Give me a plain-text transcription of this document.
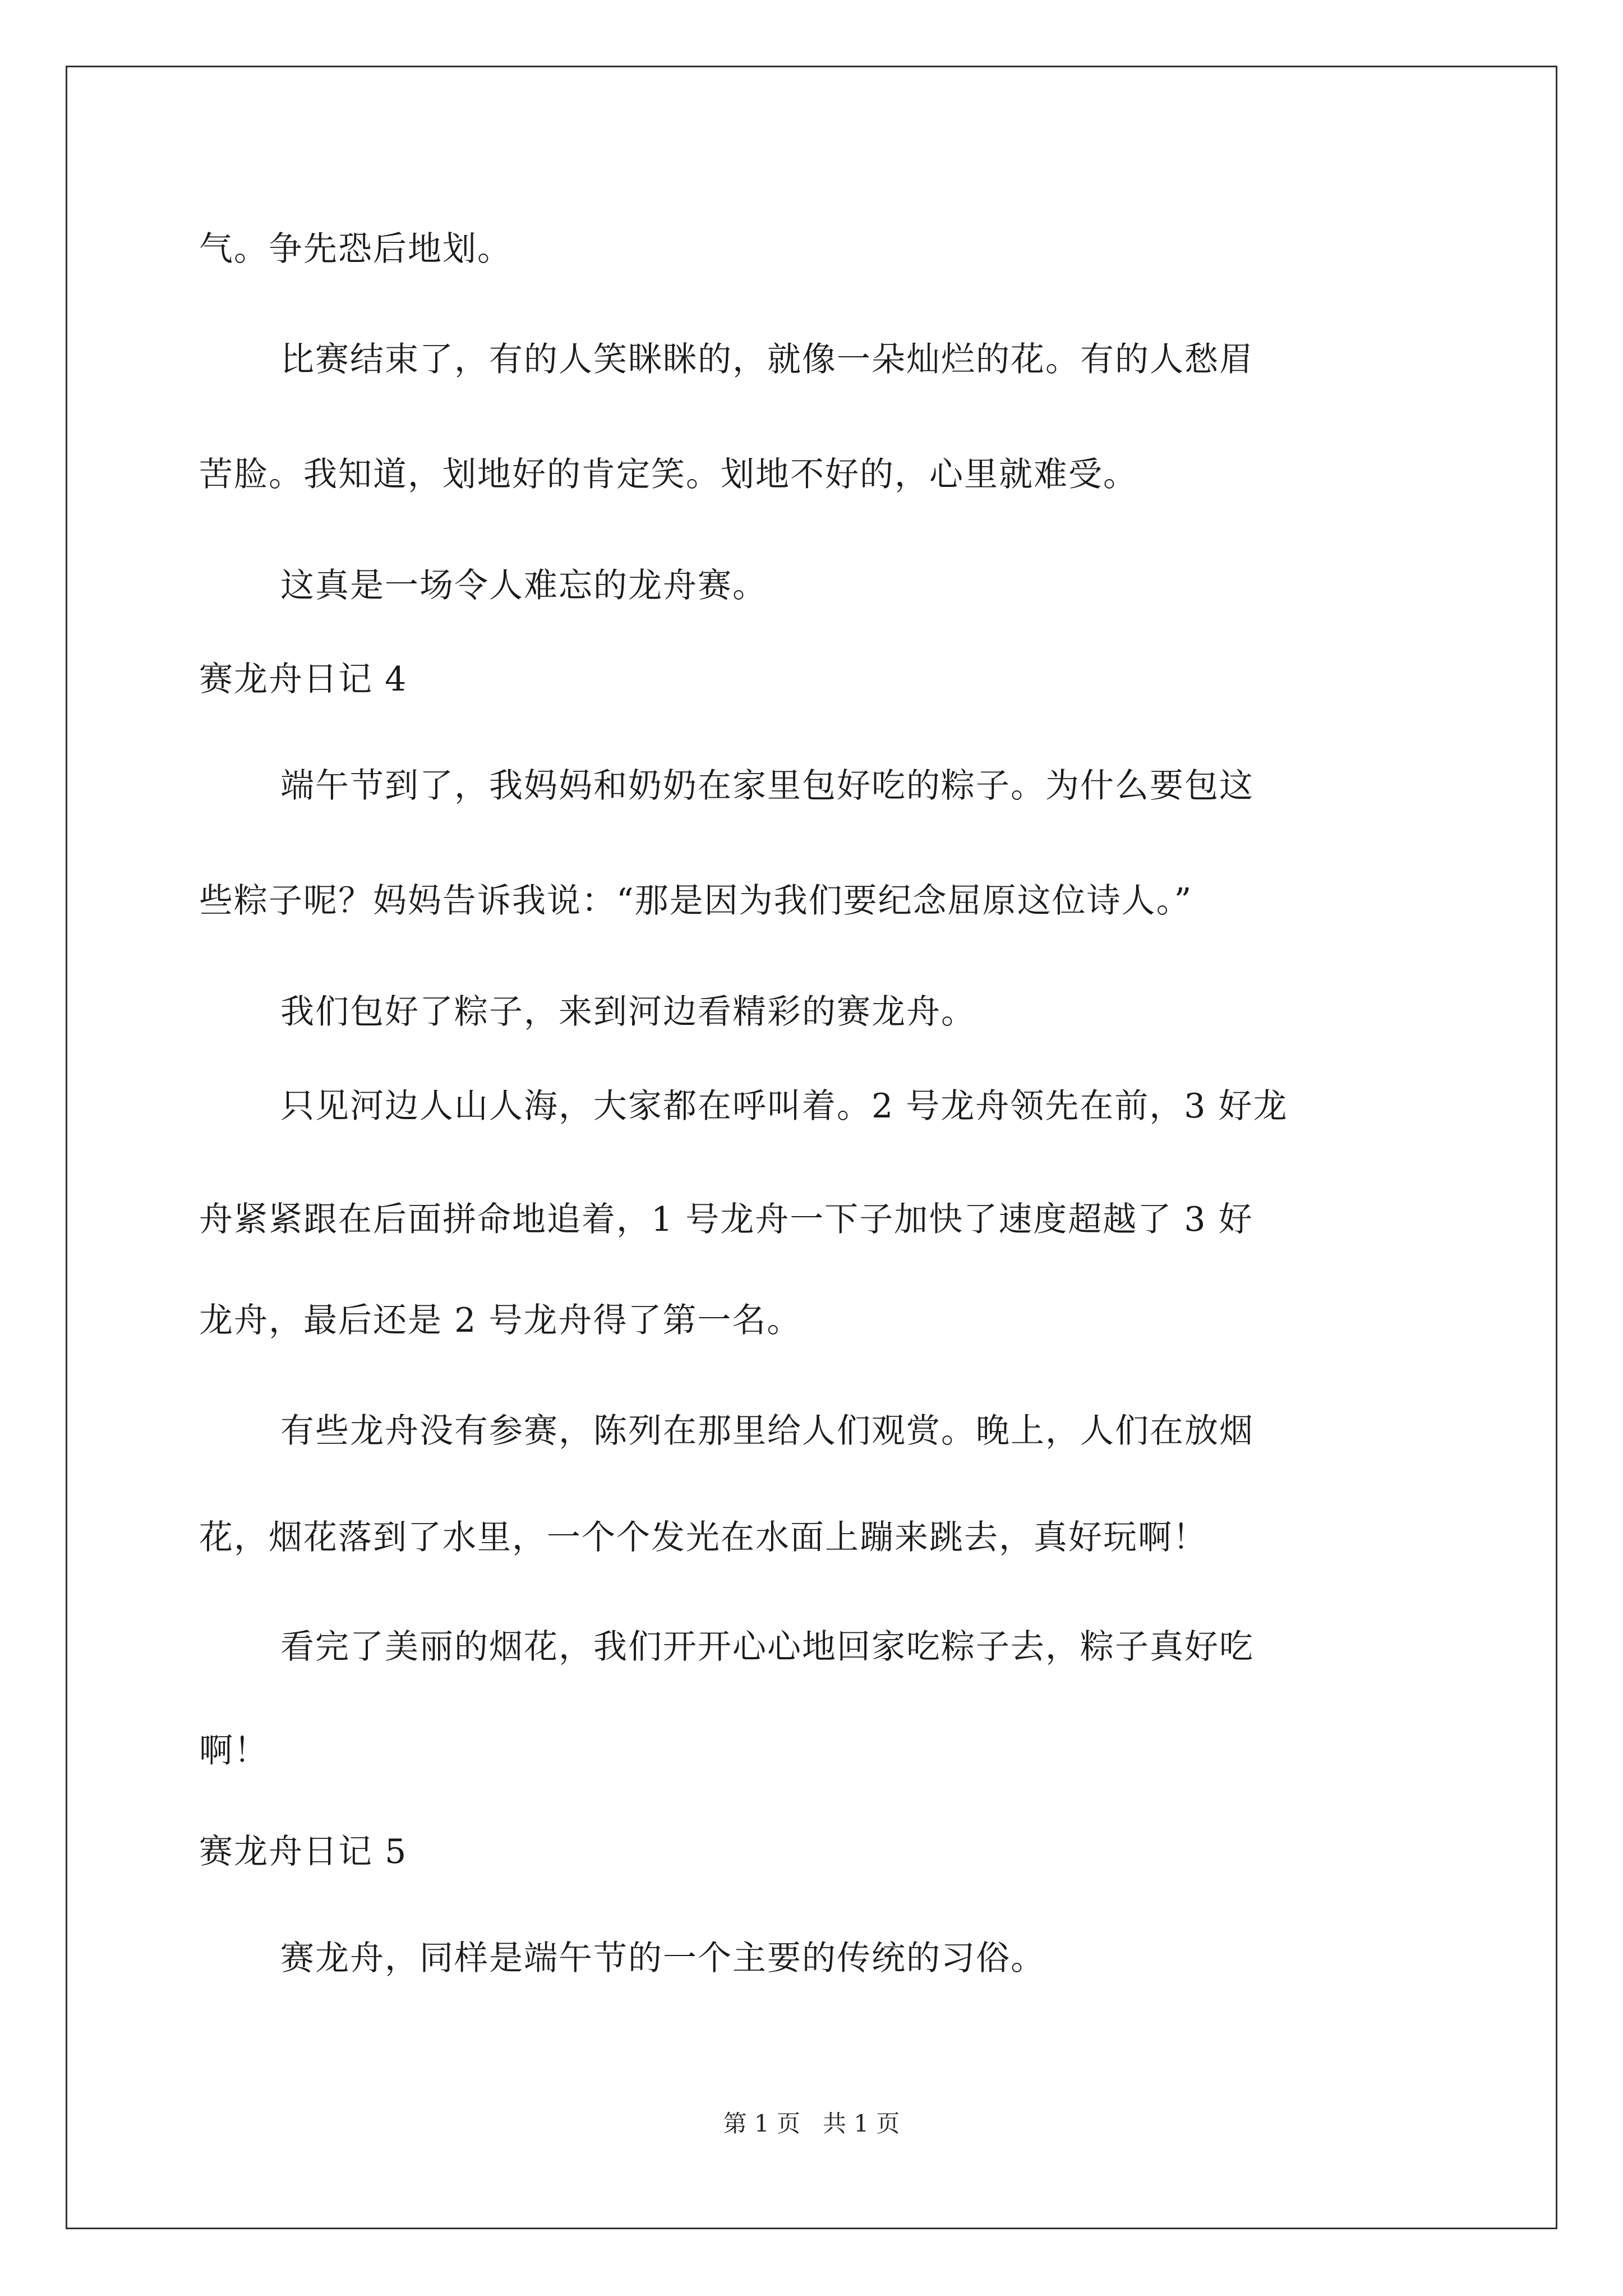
气。争先恐后地划。
比赛结束了，有的人笑眯眯的，就像一朵灿烂的花。有的人愁眉
苦脸。我知道，划地好的肯定笑。划地不好的，心里就难受。
这真是一场令人难忘的龙舟赛。
赛龙舟日记 4
端午节到了，我妈妈和奶奶在家里包好吃的粽子。为什么要包这
些粽子呢？妈妈告诉我说：“那是因为我们要纪念屈原这位诗人。”
我们包好了粽子，来到河边看精彩的赛龙舟。
只见河边人山人海，大家都在呼叫着。2 号龙舟领先在前，3 好龙
舟紧紧跟在后面拼命地追着，1 号龙舟一下子加快了速度超越了 3 好
龙舟，最后还是 2 号龙舟得了第一名。
有些龙舟没有参赛，陈列在那里给人们观赏。晚上，人们在放烟
花，烟花落到了水里，一个个发光在水面上蹦来跳去，真好玩啊！
看完了美丽的烟花，我们开开心心地回家吃粽子去，粽子真好吃
啊！
赛龙舟日记 5
赛龙舟，同样是端午节的一个主要的传统的习俗。
第 1 页 共 1 页
